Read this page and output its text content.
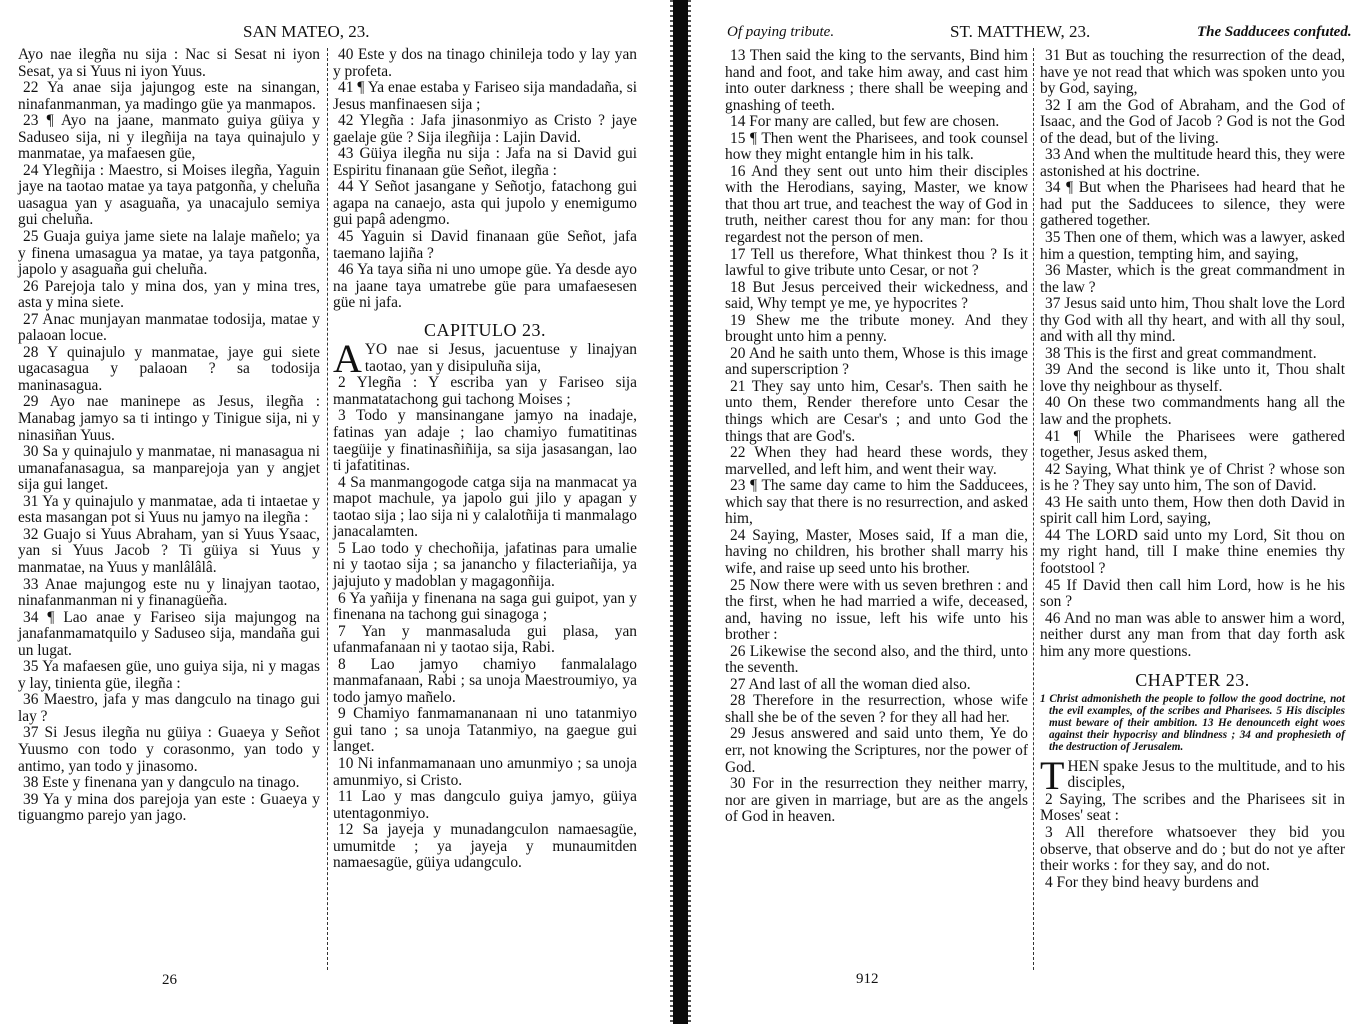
SAN MATEO, 23.

Ayo nae ilegña nu sija : Nac si Sesat ni iyon Sesat, ya si Yuus ni iyon Yuus.

22 Ya anae sija jajungog este na sinangan, ninafanmanman, ya madingo güe ya manmapos.

23 ¶ Ayo na jaane, manmato guiya güiya y Saduseo sija, ni y ilegñija na taya quinajulo y manmatae, ya mafaesen güe,

24 Ylegñija : Maestro, si Moises ilegña, Yaguin jaye na taotao matae ya taya patgonña, y cheluña uasagua yan y asaguaña, ya unacajulo semiya gui cheluña.

25 Guaja guiya jame siete na lalaje mañelo; ya y finena umasagua ya matae, ya taya patgonña, japolo y asaguaña gui cheluña.

26 Parejoja talo y mina dos, yan y mina tres, asta y mina siete.

27 Anac munjayan manmatae todosija, matae y palaoan locue.

28 Y quinajulo y manmatae, jaye gui siete ugacasagua y palaoan ? sa todosija maninasagua.

29 Ayo nae maninepe as Jesus, ilegña : Manabag jamyo sa ti intingo y Tinigue sija, ni y ninasiñan Yuus.

30 Sa y quinajulo y manmatae, ni manasagua ni umanafanasagua, sa manparejoja yan y angjet sija gui langet.

31 Ya y quinajulo y manmatae, ada ti intaetae y esta masangan pot si Yuus nu jamyo na ilegña :

32 Guajo si Yuus Abraham, yan si Yuus Ysaac, yan si Yuus Jacob ? Ti güiya si Yuus y manmatae, na Yuus y manlâlâlâ.

33 Anae majungog este nu y linajyan taotao, ninafanmanman ni y finanagüeña.

34 ¶ Lao anae y Fariseo sija majungog na janafanmamatquilo y Saduseo sija, mandaña gui un lugat.

35 Ya mafaesen güe, uno guiya sija, ni y magas y lay, tinienta güe, ilegña :

36 Maestro, jafa y mas dangculo na tinago gui lay ?

37 Si Jesus ilegña nu güiya : Guaeya y Señot Yuusmo con todo y corasonmo, yan todo y antimo, yan todo y jinasomo.

38 Este y finenana yan y dangculo na tinago.

39 Ya y mina dos parejoja yan este : Guaeya y tiguangmo parejo yan jago.

40 Este y dos na tinago chinileja todo y lay yan y profeta.

41 ¶ Ya enae estaba y Fariseo sija mandadaña, si Jesus manfinaesen sija ;

42 Ylegña : Jafa jinasonmiyo as Cristo ? jaye gaelaje güe ? Sija ilegñija : Lajin David.

43 Güiya ilegña nu sija : Jafa na si David gui Espiritu finanaan güe Señot, ilegña :

44 Y Señot jasangane y Señotjo, fatachong gui agapa na canaejo, asta qui jupolo y enemigumo gui papâ adengmo.

45 Yaguin si David finanaan güe Señot, jafa taemano lajiña ?

46 Ya taya siña ni uno umope güe. Ya desde ayo na jaane taya umatrebe güe para umafaesesen güe ni jafa.

CAPITULO 23.

AYO nae si Jesus, jacuentuse y linajyan taotao, yan y disipuluña sija,

2 Ylegña : Y escriba yan y Fariseo sija manmatatachong gui tachong Moises ;

3 Todo y mansinangane jamyo na inadaje, fatinas yan adaje ; lao chamiyo fumatitinas taegüije y finatinasñiñija, sa sija jasasangan, lao ti jafatitinas.

4 Sa manmangogode catga sija na manmacat ya mapot machule, ya japolo gui jilo y apagan y taotao sija ; lao sija ni y calalotñija ti manmalago janacalamten.

5 Lao todo y chechoñija, jafatinas para umalie ni y taotao sija ; sa janancho y filacteriañija, ya jajujuto y madoblan y magagonñija.

6 Ya yañija y finenana na saga gui guipot, yan y finenana na tachong gui sinagoga ;

7 Yan y manmasaluda gui plasa, yan ufanmafanaan ni y taotao sija, Rabi.

8 Lao jamyo chamiyo fanmalalago manmafanaan, Rabi ; sa unoja Maestroumiyo, ya todo jamyo mañelo.

9 Chamiyo fanmamananaan ni uno tatanmiyo gui tano ; sa unoja Tatanmiyo, na gaegue gui langet.

10 Ni infanmamanaan uno amunmiyo ; sa unoja amunmiyo, si Cristo.

11 Lao y mas dangculo guiya jamyo, güiya utentagonmiyo.

12 Sa jayeja y munadangculon namaesagüe, umumitde ; ya jayeja y munaumitden namaesagüe, güiya udangculo.

26
Of paying tribute.	ST. MATTHEW, 23.	The Sadducees confuted.

13 Then said the king to the servants, Bind him hand and foot, and take him away, and cast him into outer darkness ; there shall be weeping and gnashing of teeth.

14 For many are called, but few are chosen.

15 ¶ Then went the Pharisees, and took counsel how they might entangle him in his talk.

16 And they sent out unto him their disciples with the Herodians, saying, Master, we know that thou art true, and teachest the way of God in truth, neither carest thou for any man: for thou regardest not the person of men.

17 Tell us therefore, What thinkest thou ? Is it lawful to give tribute unto Cesar, or not ?

18 But Jesus perceived their wickedness, and said, Why tempt ye me, ye hypocrites ?

19 Shew me the tribute money. And they brought unto him a penny.

20 And he saith unto them, Whose is this image and superscription ?

21 They say unto him, Cesar's. Then saith he unto them, Render therefore unto Cesar the things which are Cesar's ; and unto God the things that are God's.

22 When they had heard these words, they marvelled, and left him, and went their way.

23 ¶ The same day came to him the Sadducees, which say that there is no resurrection, and asked him,

24 Saying, Master, Moses said, If a man die, having no children, his brother shall marry his wife, and raise up seed unto his brother.

25 Now there were with us seven brethren : and the first, when he had married a wife, deceased, and, having no issue, left his wife unto his brother :

26 Likewise the second also, and the third, unto the seventh.

27 And last of all the woman died also.

28 Therefore in the resurrection, whose wife shall she be of the seven ? for they all had her.

29 Jesus answered and said unto them, Ye do err, not knowing the Scriptures, nor the power of God.

30 For in the resurrection they neither marry, nor are given in marriage, but are as the angels of God in heaven.

31 But as touching the resurrection of the dead, have ye not read that which was spoken unto you by God, saying,

32 I am the God of Abraham, and the God of Isaac, and the God of Jacob ? God is not the God of the dead, but of the living.

33 And when the multitude heard this, they were astonished at his doctrine.

34 ¶ But when the Pharisees had heard that he had put the Sadducees to silence, they were gathered together.

35 Then one of them, which was a lawyer, asked him a question, tempting him, and saying,

36 Master, which is the great commandment in the law ?

37 Jesus said unto him, Thou shalt love the Lord thy God with all thy heart, and with all thy soul, and with all thy mind.

38 This is the first and great commandment.

39 And the second is like unto it, Thou shalt love thy neighbour as thyself.

40 On these two commandments hang all the law and the prophets.

41 ¶ While the Pharisees were gathered together, Jesus asked them,

42 Saying, What think ye of Christ ? whose son is he ? They say unto him, The son of David.

43 He saith unto them, How then doth David in spirit call him Lord, saying,

44 The LORD said unto my Lord, Sit thou on my right hand, till I make thine enemies thy footstool ?

45 If David then call him Lord, how is he his son ?

46 And no man was able to answer him a word, neither durst any man from that day forth ask him any more questions.

CHAPTER 23.
1 Christ admonisheth the people to follow the good doctrine, not the evil examples, of the scribes and Pharisees. 5 His disciples must beware of their ambition. 13 He denounceth eight woes against their hypocrisy and blindness ; 34 and prophesieth of the destruction of Jerusalem.

THEN spake Jesus to the multitude, and to his disciples,

2 Saying, The scribes and the Pharisees sit in Moses' seat :

3 All therefore whatsoever they bid you observe, that observe and do ; but do not ye after their works : for they say, and do not.

4 For they bind heavy burdens and

912
